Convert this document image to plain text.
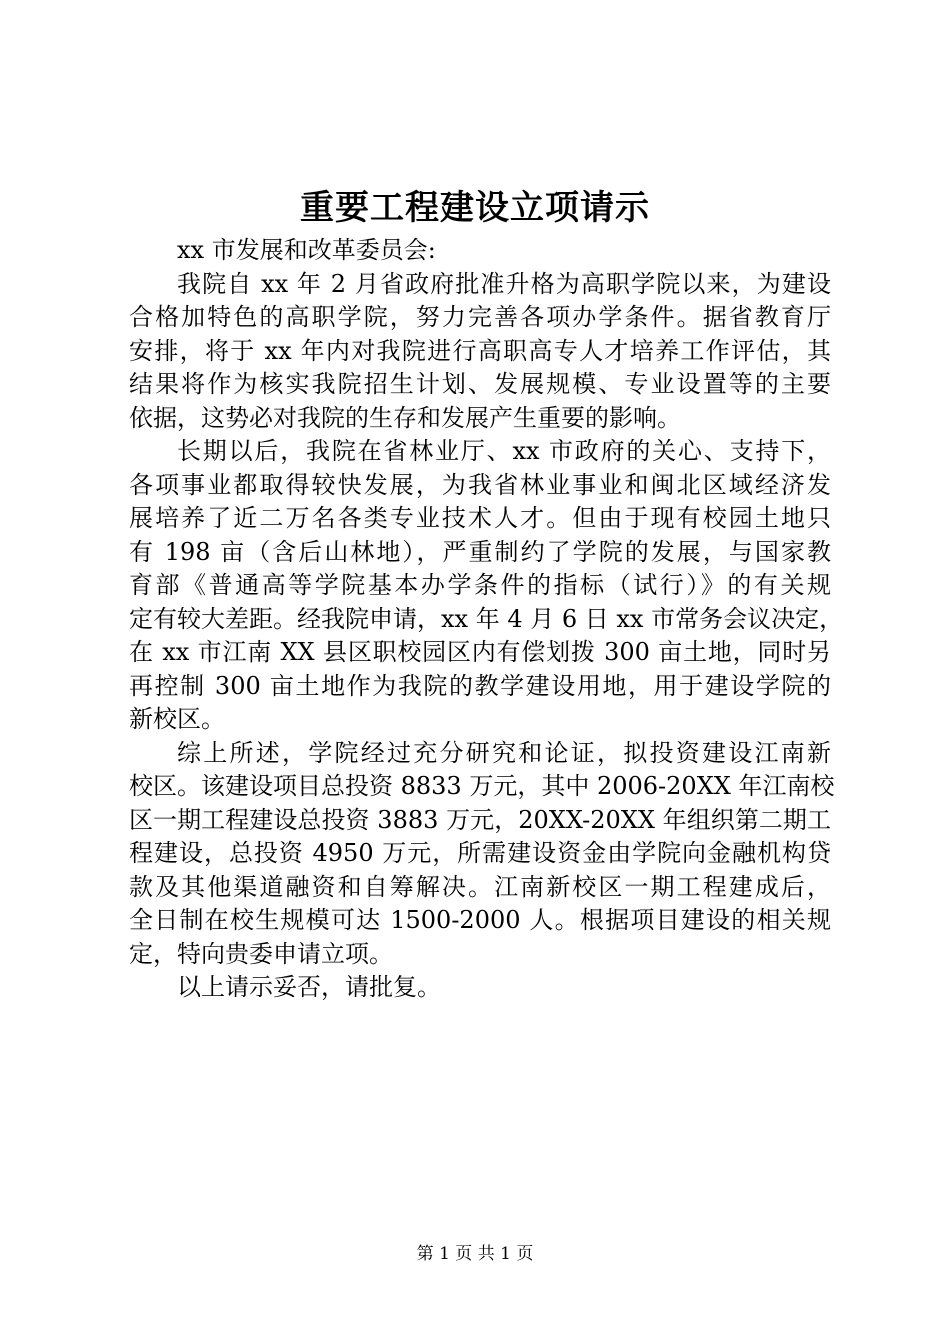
重要工程建设立项请示
xx 市发展和改革委员会:
我院自 xx 年 2 月省政府批准升格为高职学院以来，为建设
合格加特色的高职学院，努力完善各项办学条件。据省教育厅
安排，将于 xx 年内对我院进行高职高专人才培养工作评估，其
结果将作为核实我院招生计划、发展规模、专业设置等的主要
依据，这势必对我院的生存和发展产生重要的影响。
长期以后，我院在省林业厅、xx 市政府的关心、支持下，
各项事业都取得较快发展，为我省林业事业和闽北区域经济发
展培养了近二万名各类专业技术人才。但由于现有校园土地只
有 198 亩（含后山林地），严重制约了学院的发展，与国家教
育部《普通高等学院基本办学条件的指标（试行）》的有关规
定有较大差距。经我院申请，xx 年 4 月 6 日 xx 市常务会议决定，
在 xx 市江南 XX 县区职校园区内有偿划拨 300 亩土地，同时另
再控制 300 亩土地作为我院的教学建设用地，用于建设学院的
新校区。
综上所述，学院经过充分研究和论证，拟投资建设江南新
校区。该建设项目总投资 8833 万元，其中 2006-20XX 年江南校
区一期工程建设总投资 3883 万元，20XX-20XX 年组织第二期工
程建设，总投资 4950 万元，所需建设资金由学院向金融机构贷
款及其他渠道融资和自筹解决。江南新校区一期工程建成后，
全日制在校生规模可达 1500-2000 人。根据项目建设的相关规
定，特向贵委申请立项。
以上请示妥否，请批复。
第 1 页 共 1 页
